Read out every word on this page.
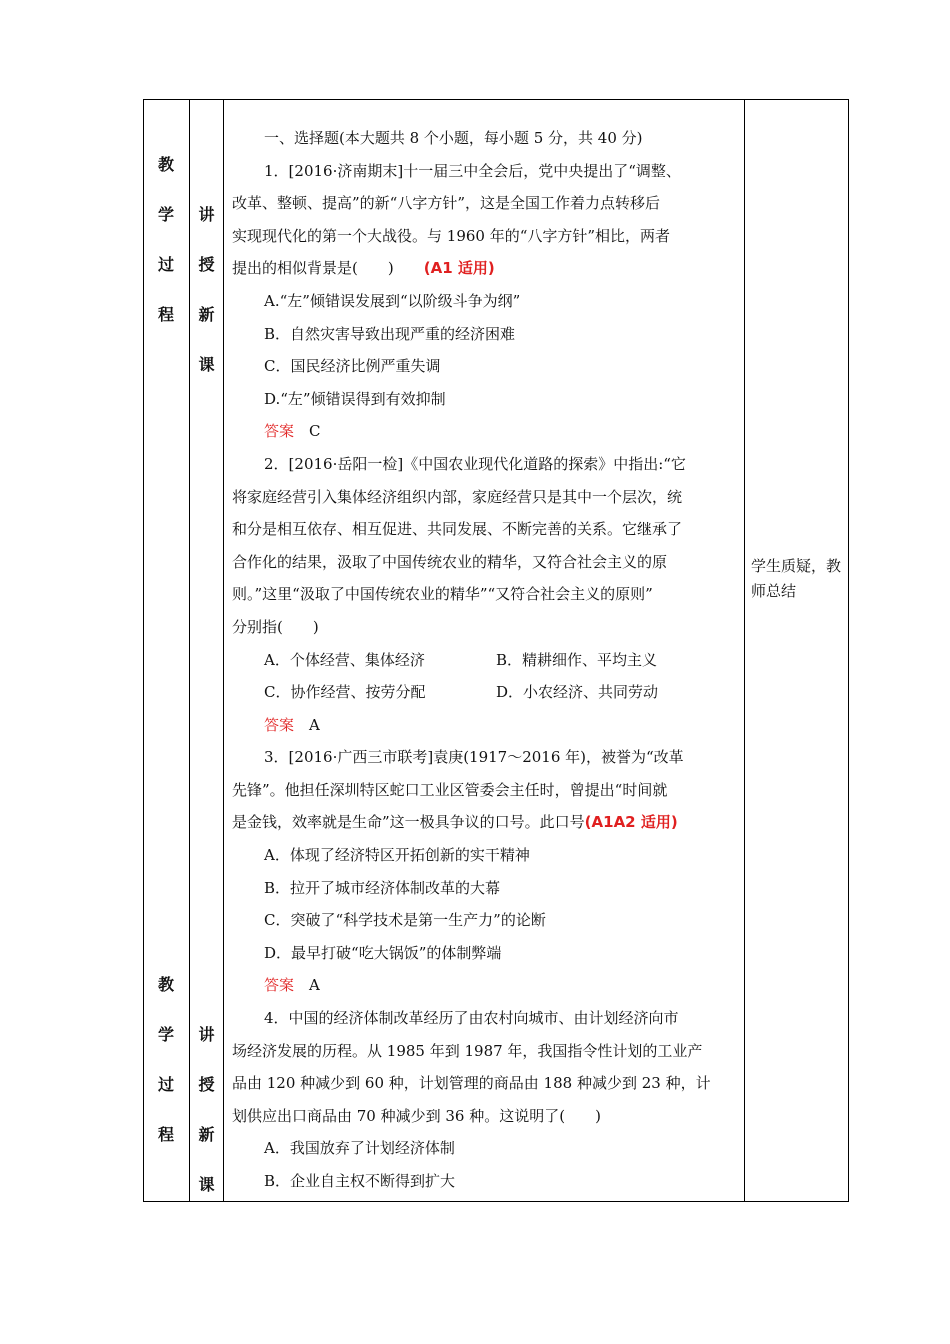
教
学
过
程
教
学
过
程
讲
授
新
课
讲
授
新
课
学生质疑，教师总结
一、选择题(本大题共 8 个小题，每小题 5 分，共 40 分)
1．[2016·济南期末]十一届三中全会后，党中央提出了“调整、
改革、整顿、提高”的新“八字方针”，这是全国工作着力点转移后
实现现代化的第一个大战役。与 1960 年的“八字方针”相比，两者
提出的相似背景是(　　)　　 (A1 适用)
A.“左”倾错误发展到“以阶级斗争为纲”
B．自然灾害导致出现严重的经济困难
C．国民经济比例严重失调
D.“左”倾错误得到有效抑制
答案　 C
2．[2016·岳阳一检]《中国农业现代化道路的探索》中指出:“它
将家庭经营引入集体经济组织内部，家庭经营只是其中一个层次，统
和分是相互依存、相互促进、共同发展、不断完善的关系。它继承了
合作化的结果，汲取了中国传统农业的精华，又符合社会主义的原
则。”这里“汲取了中国传统农业的精华”“又符合社会主义的原则”
分别指(　　)
A．个体经营、集体经济	B．精耕细作、平均主义
C．协作经营、按劳分配	D．小农经济、共同劳动
答案　 A
3．[2016·广西三市联考]袁庚(1917～2016 年)，被誉为“改革
先锋”。他担任深圳特区蛇口工业区管委会主任时，曾提出“时间就
是金钱，效率就是生命”这一极具争议的口号。此口号(A1A2 适用)
A．体现了经济特区开拓创新的实干精神
B．拉开了城市经济体制改革的大幕
C．突破了“科学技术是第一生产力”的论断
D．最早打破“吃大锅饭”的体制弊端
答案　 A
4．中国的经济体制改革经历了由农村向城市、由计划经济向市
场经济发展的历程。从 1985 年到 1987 年，我国指令性计划的工业产
品由 120 种减少到 60 种，计划管理的商品由 188 种减少到 23 种，计
划供应出口商品由 70 种减少到 36 种。这说明了(　　)
A．我国放弃了计划经济体制
B．企业自主权不断得到扩大
